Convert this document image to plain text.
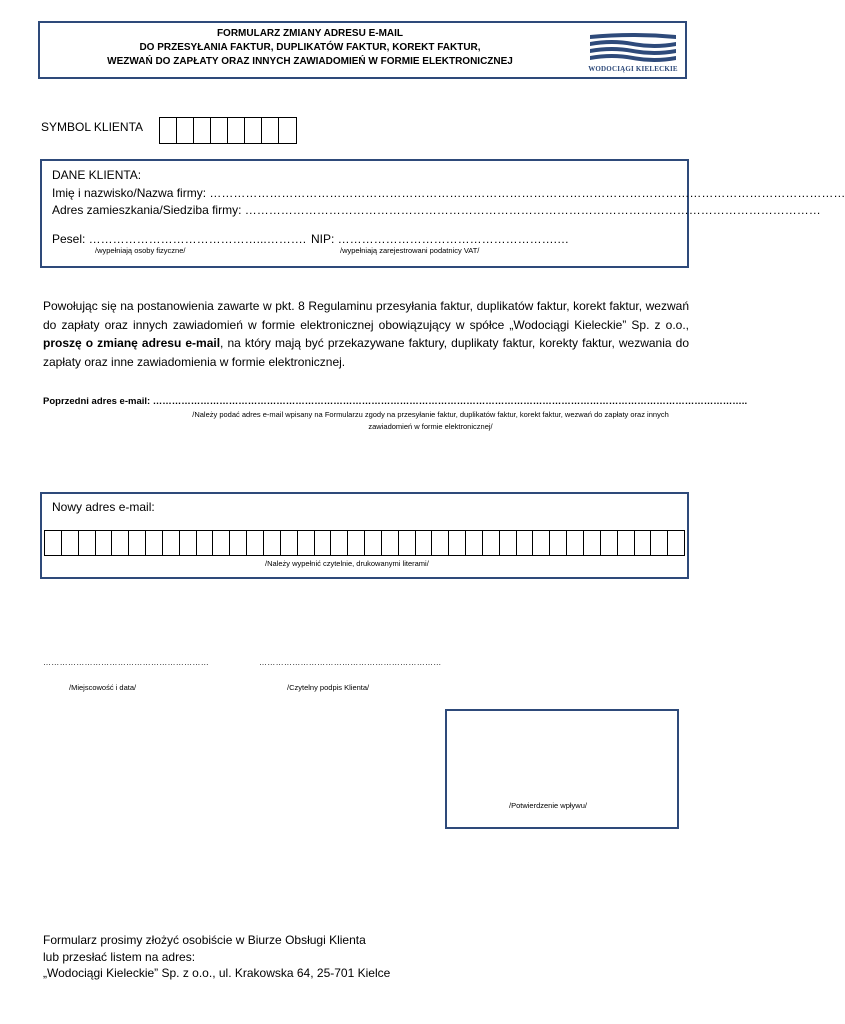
FORMULARZ ZMIANY ADRESU E-MAIL
DO PRZESYŁANIA FAKTUR, DUPLIKATÓW FAKTUR, KOREKT FAKTUR,
WEZWAŃ DO ZAPŁATY ORAZ INNYCH ZAWIADOMIEŃ W FORMIE ELEKTRONICZNEJ
WODOCIĄGI KIELECKIE
SYMBOL KLIENTA
DANE KLIENTA:
Imię i nazwisko/Nazwa firmy: ……………………………………………………………………………………………………………………………………………
Adres zamieszkania/Siedziba firmy: ………………………………………………………………………………………………………………………………
Pesel: ……………………………………...……….
/wypełniają osoby fizyczne/
NIP: ……………………………………………….…
/wypełniają zarejestrowani podatnicy VAT/
Powołując się na postanowienia zawarte w pkt. 8 Regulaminu przesyłania faktur, duplikatów faktur, korekt faktur, wezwań do zapłaty oraz innych zawiadomień w formie elektronicznej obowiązujący w spółce „Wodociągi Kieleckie” Sp. z o.o., proszę o zmianę adresu e-mail, na który mają być przekazywane faktury, duplikaty faktur, korekty faktur, wezwania do zapłaty oraz inne zawiadomienia w formie elektronicznej.
Poprzedni adres e-mail: ……………………………………………………………………………………………………………………………………………………………………..
/Należy podać adres e-mail wpisany na Formularzu zgody na przesyłanie faktur, duplikatów faktur, korekt faktur, wezwań do zapłaty oraz innych zawiadomień w formie elektronicznej/
Nowy adres e-mail:
/Należy wypełnić czytelnie, drukowanymi literami/
……………………………………………………
/Miejscowość i data/
…………………………………………………………
/Czytelny podpis Klienta/
/Potwierdzenie wpływu/
Formularz prosimy złożyć osobiście w Biurze Obsługi Klienta
lub przesłać listem na adres:
„Wodociągi Kieleckie” Sp. z o.o., ul. Krakowska 64, 25-701 Kielce
